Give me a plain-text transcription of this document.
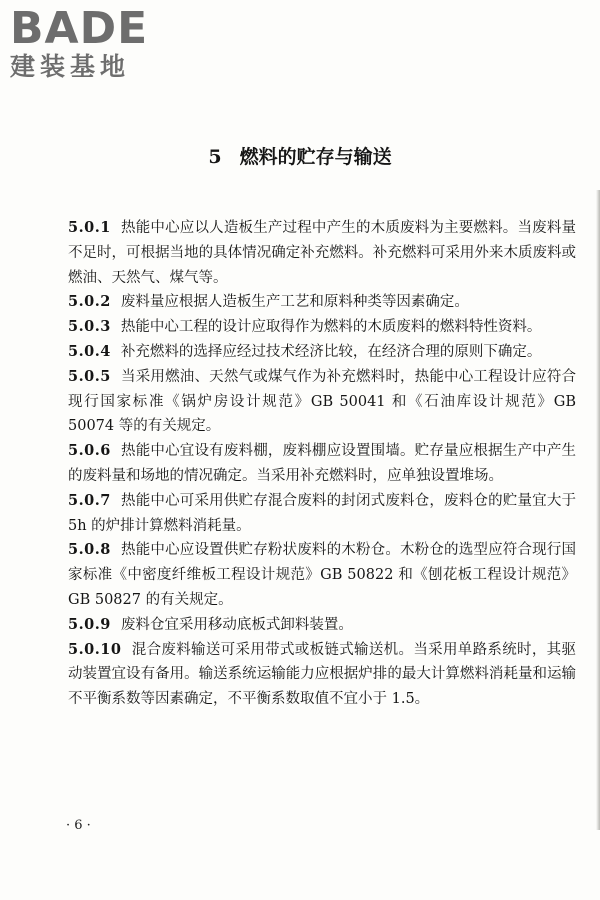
BADE
建装基地
5 燃料的贮存与输送
5.0.1 热能中心应以人造板生产过程中产生的木质废料为主要燃料。当废料量不足时，可根据当地的具体情况确定补充燃料。补充燃料可采用外来木质废料或燃油、天然气、煤气等。
5.0.2 废料量应根据人造板生产工艺和原料种类等因素确定。
5.0.3 热能中心工程的设计应取得作为燃料的木质废料的燃料特性资料。
5.0.4 补充燃料的选择应经过技术经济比较，在经济合理的原则下确定。
5.0.5 当采用燃油、天然气或煤气作为补充燃料时，热能中心工程设计应符合现行国家标准《锅炉房设计规范》GB 50041 和《石油库设计规范》GB 50074 等的有关规定。
5.0.6 热能中心宜设有废料棚，废料棚应设置围墙。贮存量应根据生产中产生的废料量和场地的情况确定。当采用补充燃料时，应单独设置堆场。
5.0.7 热能中心可采用供贮存混合废料的封闭式废料仓，废料仓的贮量宜大于 5h 的炉排计算燃料消耗量。
5.0.8 热能中心应设置供贮存粉状废料的木粉仓。木粉仓的选型应符合现行国家标准《中密度纤维板工程设计规范》GB 50822 和《刨花板工程设计规范》GB 50827 的有关规定。
5.0.9 废料仓宜采用移动底板式卸料装置。
5.0.10 混合废料输送可采用带式或板链式输送机。当采用单路系统时，其驱动装置宜设有备用。输送系统运输能力应根据炉排的最大计算燃料消耗量和运输不平衡系数等因素确定，不平衡系数取值不宜小于 1.5。
· 6 ·
